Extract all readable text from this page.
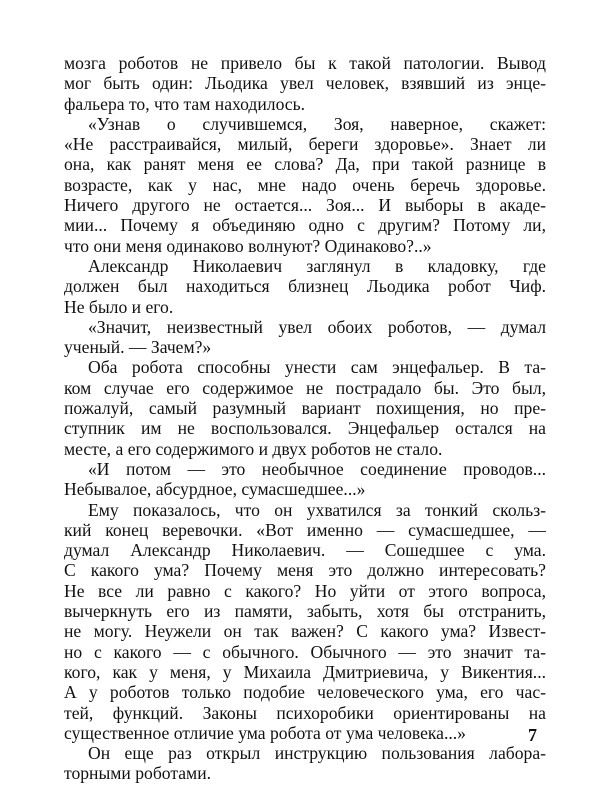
мозга роботов не привело бы к такой патологии. Вывод
мог быть один: Льодика увел человек, взявший из энце-
фальера то, что там находилось.

«Узнав о случившемся, Зоя, наверное, скажет:
«Не расстраивайся, милый, береги здоровье». Знает ли
она, как ранят меня ее слова? Да, при такой разнице в
возрасте, как у нас, мне надо очень беречь здоровье.
Ничего другого не остается... Зоя... И выборы в акаде-
мии... Почему я объединяю одно с другим? Потому ли,
что они меня одинаково волнуют? Одинаково?..»

Александр Николаевич заглянул в кладовку, где
должен был находиться близнец Льодика робот Чиф.
Не было и его.

«Значит, неизвестный увел обоих роботов, — думал
ученый. — Зачем?»

Оба робота способны унести сам энцефальер. В та-
ком случае его содержимое не пострадало бы. Это был,
пожалуй, самый разумный вариант похищения, но пре-
ступник им не воспользовался. Энцефальер остался на
месте, а его содержимого и двух роботов не стало.

«И потом — это необычное соединение проводов...
Небывалое, абсурдное, сумасшедшее...»

Ему показалось, что он ухватился за тонкий скольз-
кий конец веревочки. «Вот именно — сумасшедшее, —
думал Александр Николаевич. — Сошедшее с ума.
С какого ума? Почему меня это должно интересовать?
Не все ли равно с какого? Но уйти от этого вопроса,
вычеркнуть его из памяти, забыть, хотя бы отстранить,
не могу. Неужели он так важен? С какого ума? Извест-
но с какого — с обычного. Обычного — это значит та-
кого, как у меня, у Михаила Дмитриевича, у Викентия...
А у роботов только подобие человеческого ума, его час-
тей, функций. Законы психоробики ориентированы на
существенное отличие ума робота от ума человека...»

Он еще раз открыл инструкцию пользования лабора-
торными роботами.

7
